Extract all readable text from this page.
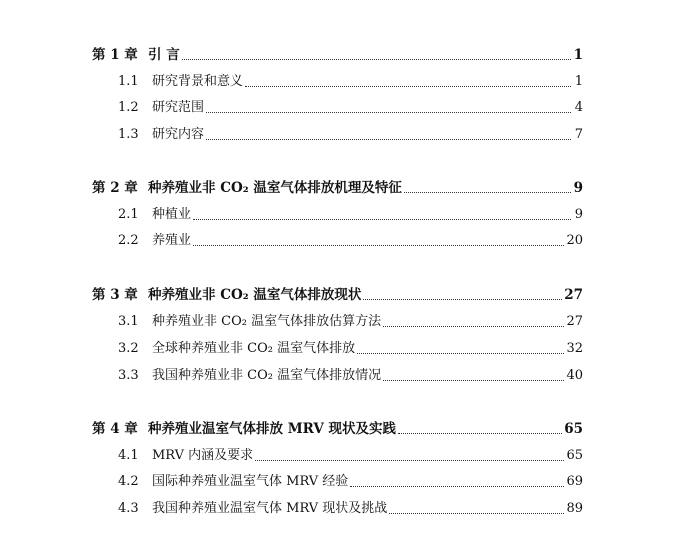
第 1 章 引 言	1
1.1	研究背景和意义	1
1.2	研究范围	4
1.3	研究内容	7
第 2 章 种养殖业非 CO₂ 温室气体排放机理及特征	9
2.1	种植业	9
2.2	养殖业	20
第 3 章 种养殖业非 CO₂ 温室气体排放现状	27
3.1	种养殖业非 CO₂ 温室气体排放估算方法	27
3.2	全球种养殖业非 CO₂ 温室气体排放	32
3.3	我国种养殖业非 CO₂ 温室气体排放情况	40
第 4 章 种养殖业温室气体排放 MRV 现状及实践	65
4.1	MRV 内涵及要求	65
4.2	国际种养殖业温室气体 MRV 经验	69
4.3	我国种养殖业温室气体 MRV 现状及挑战	89
